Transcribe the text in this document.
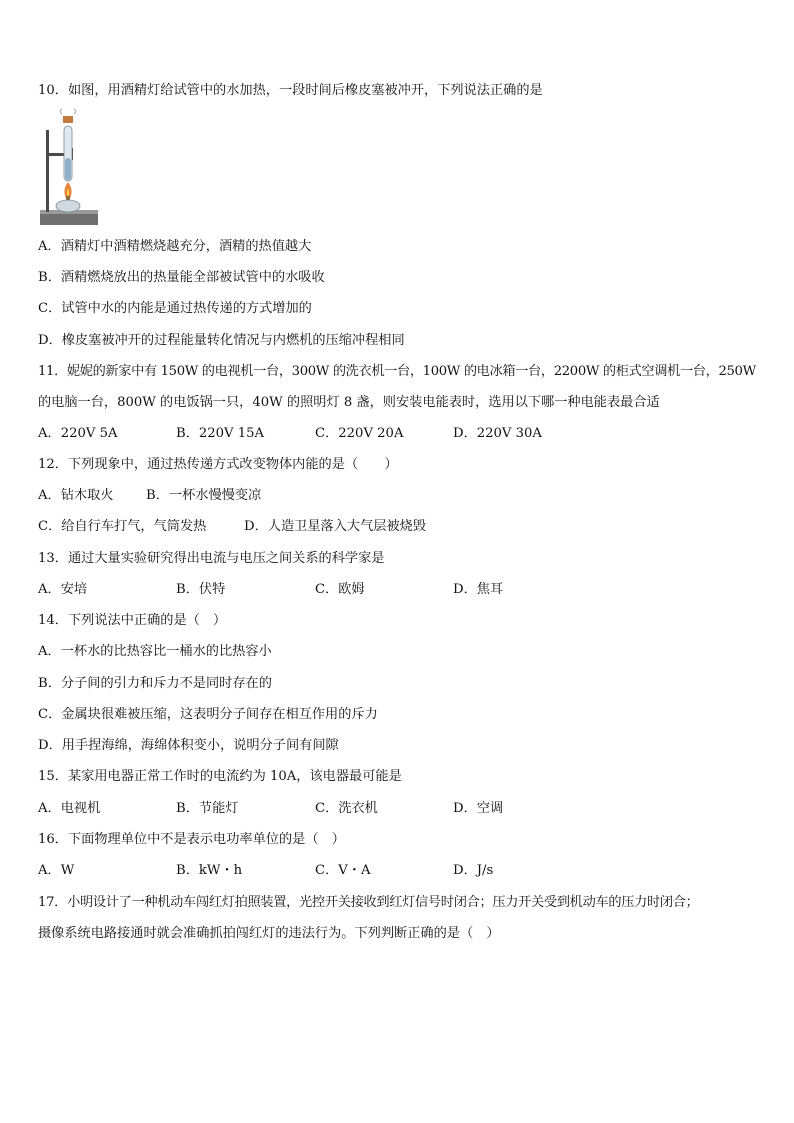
10．如图，用酒精灯给试管中的水加热，一段时间后橡皮塞被冲开，下列说法正确的是
A．酒精灯中酒精燃烧越充分，酒精的热值越大
B．酒精燃烧放出的热量能全部被试管中的水吸收
C．试管中水的内能是通过热传递的方式增加的
D．橡皮塞被冲开的过程能量转化情况与内燃机的压缩冲程相同
11．妮妮的新家中有 150W 的电视机一台，300W 的洗衣机一台，100W 的电冰箱一台，2200W 的柜式空调机一台，250W
的电脑一台，800W 的电饭锅一只，40W 的照明灯 8 盏，则安装电能表时，选用以下哪一种电能表最合适
A．220V 5A	B．220V 15A	C．220V 20A	D．220V 30A
12．下列现象中，通过热传递方式改变物体内能的是（　　）
A．钻木取火 B．一杯水慢慢变凉
C．给自行车打气，气筒发热	D．人造卫星落入大气层被烧毁
13．通过大量实验研究得出电流与电压之间关系的科学家是
A．安培	B．伏特	C．欧姆	D．焦耳
14．下列说法中正确的是（　）
A．一杯水的比热容比一桶水的比热容小
B．分子间的引力和斥力不是同时存在的
C．金属块很难被压缩，这表明分子间存在相互作用的斥力
D．用手捏海绵，海绵体积变小，说明分子间有间隙
15．某家用电器正常工作时的电流约为 10A，该电器最可能是
A．电视机	B．节能灯	C．洗衣机	D．空调
16．下面物理单位中不是表示电功率单位的是（　）
A．W	B．kW・h	C．V・A	D．J/s
17．小明设计了一种机动车闯红灯拍照装置，光控开关接收到红灯信号时闭合；压力开关受到机动车的压力时闭合；
摄像系统电路接通时就会准确抓拍闯红灯的违法行为。下列判断正确的是（　）
